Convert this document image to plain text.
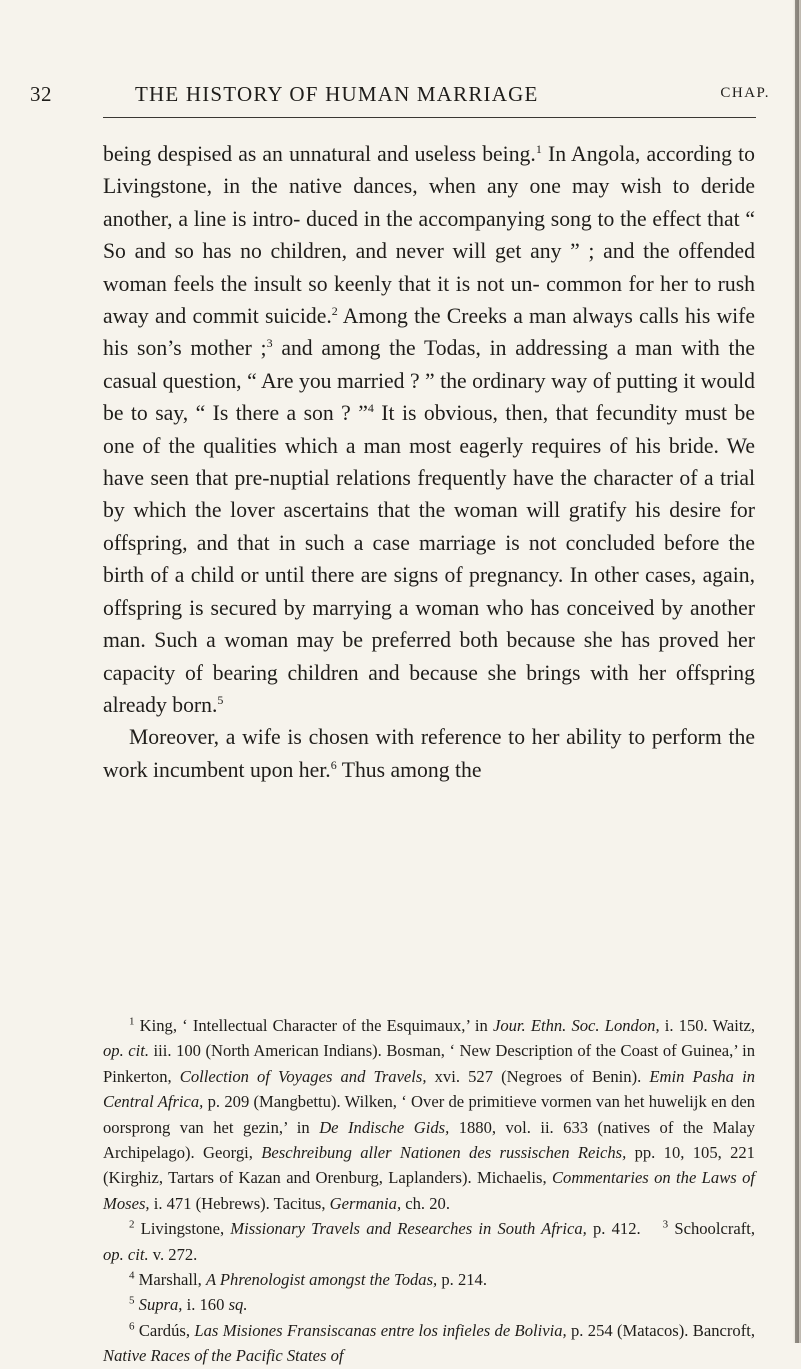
32	THE HISTORY OF HUMAN MARRIAGE	CHAP.
being despised as an unnatural and useless being.$^1$ In Angola, according to Livingstone, in the native dances, when any one may wish to deride another, a line is intro- duced in the accompanying song to the effect that “ So and so has no children, and never will get any ” ; and the offended woman feels the insult so keenly that it is not un- common for her to rush away and commit suicide.$^2$ Among the Creeks a man always calls his wife his son’s mother ;$^3$ and among the Todas, in addressing a man with the casual question, “ Are you married ? ” the ordinary way of putting it would be to say, “ Is there a son ? ”$^4$ It is obvious, then, that fecundity must be one of the qualities which a man most eagerly requires of his bride. We have seen that pre-nuptial relations frequently have the character of a trial by which the lover ascertains that the woman will gratify his desire for offspring, and that in such a case marriage is not concluded before the birth of a child or until there are signs of pregnancy. In other cases, again, offspring is secured by marrying a woman who has conceived by another man. Such a woman may be preferred both because she has proved her capacity of bearing children and because she brings with her offspring already born.$^5$
Moreover, a wife is chosen with reference to her ability to perform the work incumbent upon her.$^6$ Thus among the

$^1$ King, ‘ Intellectual Character of the Esquimaux,’ in Jour. Ethn. Soc. London, i. 150. Waitz, op. cit. iii. 100 (North American Indians). Bosman, ‘ New Description of the Coast of Guinea,’ in Pinkerton, Collection of Voyages and Travels, xvi. 527 (Negroes of Benin). Emin Pasha in Central Africa, p. 209 (Mangbettu). Wilken, ‘ Over de primitieve vormen van het huwelijk en den oorsprong van het gezin,’ in De Indische Gids, 1880, vol. ii. 633 (natives of the Malay Archipelago). Georgi, Beschreibung aller Nationen des russischen Reichs, pp. 10, 105, 221 (Kirghiz, Tartars of Kazan and Orenburg, Laplanders). Michaelis, Commentaries on the Laws of Moses, i. 471 (Hebrews). Tacitus, Germania, ch. 20.

$^2$ Livingstone, Missionary Travels and Researches in South Africa, p. 412. $^3$ Schoolcraft, op. cit. v. 272.

$^4$ Marshall, A Phrenologist amongst the Todas, p. 214.

$^5$ Supra, i. 160 sq.

$^6$ Cardús, Las Misiones Fransiscanas entre los infieles de Bolivia, p. 254 (Matacos). Bancroft, Native Races of the Pacific States of
